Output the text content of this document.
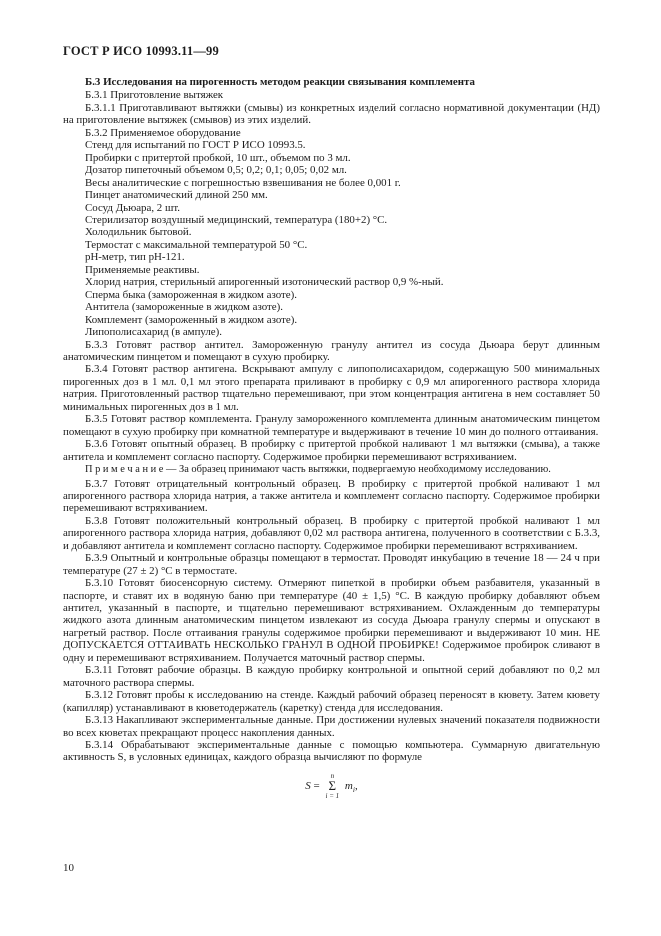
ГОСТ Р ИСО 10993.11—99

Б.3 Исследования на пирогенность методом реакции связывания комплемента

Б.3.1 Приготовление вытяжек

Б.3.1.1 Приготавливают вытяжки (смывы) из конкретных изделий согласно нормативной документации (НД) на приготовление вытяжек (смывов) из этих изделий.

Б.3.2 Применяемое оборудование

Стенд для испытаний по ГОСТ Р ИСО 10993.5.

Пробирки с притертой пробкой, 10 шт., объемом по 3 мл.

Дозатор пипеточный объемом 0,5; 0,2; 0,1; 0,05; 0,02 мл.

Весы аналитические с погрешностью взвешивания не более 0,001 г.

Пинцет анатомический длиной 250 мм.

Сосуд Дьюара, 2 шт.

Стерилизатор воздушный медицинский, температура (180+2) °С.

Холодильник бытовой.

Термостат с максимальной температурой 50 °С.

pH-метр, тип pH-121.

Применяемые реактивы.

Хлорид натрия, стерильный апирогенный изотонический раствор 0,9 %-ный.

Сперма быка (замороженная в жидком азоте).

Антитела (замороженные в жидком азоте).

Комплемент (замороженный в жидком азоте).

Липополисахарид (в ампуле).

Б.3.3 Готовят раствор антител. Замороженную гранулу антител из сосуда Дьюара берут длинным анатомическим пинцетом и помещают в сухую пробирку.

Б.3.4 Готовят раствор антигена. Вскрывают ампулу с липополисахаридом, содержащую 500 минимальных пирогенных доз в 1 мл. 0,1 мл этого препарата приливают в пробирку с 0,9 мл апирогенного раствора хлорида натрия. Приготовленный раствор тщательно перемешивают, при этом концентрация антигена в нем составляет 50 минимальных пирогенных доз в 1 мл.

Б.3.5 Готовят раствор комплемента. Гранулу замороженного комплемента длинным анатомическим пинцетом помещают в сухую пробирку при комнатной температуре и выдерживают в течение 10 мин до полного оттаивания.

Б.3.6 Готовят опытный образец. В пробирку с притертой пробкой наливают 1 мл вытяжки (смыва), а также антитела и комплемент согласно паспорту. Содержимое пробирки перемешивают встряхиванием.

П р и м е ч а н и е — За образец принимают часть вытяжки, подвергаемую необходимому исследованию.

Б.3.7 Готовят отрицательный контрольный образец. В пробирку с притертой пробкой наливают 1 мл апирогенного раствора хлорида натрия, а также антитела и комплемент согласно паспорту. Содержимое пробирки перемешивают встряхиванием.

Б.3.8 Готовят положительный контрольный образец. В пробирку с притертой пробкой наливают 1 мл апирогенного раствора хлорида натрия, добавляют 0,02 мл раствора антигена, полученного в соответствии с Б.3.3, и добавляют антитела и комплемент согласно паспорту. Содержимое пробирки перемешивают встряхиванием.

Б.3.9 Опытный и контрольные образцы помещают в термостат. Проводят инкубацию в течение 18 — 24 ч при температуре (27 ± 2) °С в термостате.

Б.3.10 Готовят биосенсорную систему. Отмеряют пипеткой в пробирки объем разбавителя, указанный в паспорте, и ставят их в водяную баню при температуре (40 ± 1,5) °С. В каждую пробирку добавляют объем антител, указанный в паспорте, и тщательно перемешивают встряхиванием. Охлажденным до температуры жидкого азота длинным анатомическим пинцетом извлекают из сосуда Дьюара гранулу спермы и опускают в нагретый раствор. После оттаивания гранулы содержимое пробирки перемешивают и выдерживают 10 мин. НЕ ДОПУСКАЕТСЯ ОТТАИВАТЬ НЕСКОЛЬКО ГРАНУЛ В ОДНОЙ ПРОБИРКЕ! Содержимое пробирок сливают в одну и перемешивают встряхиванием. Получается маточный раствор спермы.

Б.3.11 Готовят рабочие образцы. В каждую пробирку контрольной и опытной серий добавляют по 0,2 мл маточного раствора спермы.

Б.3.12 Готовят пробы к исследованию на стенде. Каждый рабочий образец переносят в кювету. Затем кювету (капилляр) устанавливают в кюветодержатель (каретку) стенда для исследования.

Б.3.13 Накапливают экспериментальные данные. При достижении нулевых значений показателя подвижности во всех кюветах прекращают процесс накопления данных.

Б.3.14 Обрабатывают экспериментальные данные с помощью компьютера. Суммарную двигательную активность S, в условных единицах, каждого образца вычисляют по формуле

S =
n
Σ
i = 1
$m_i$,
10
